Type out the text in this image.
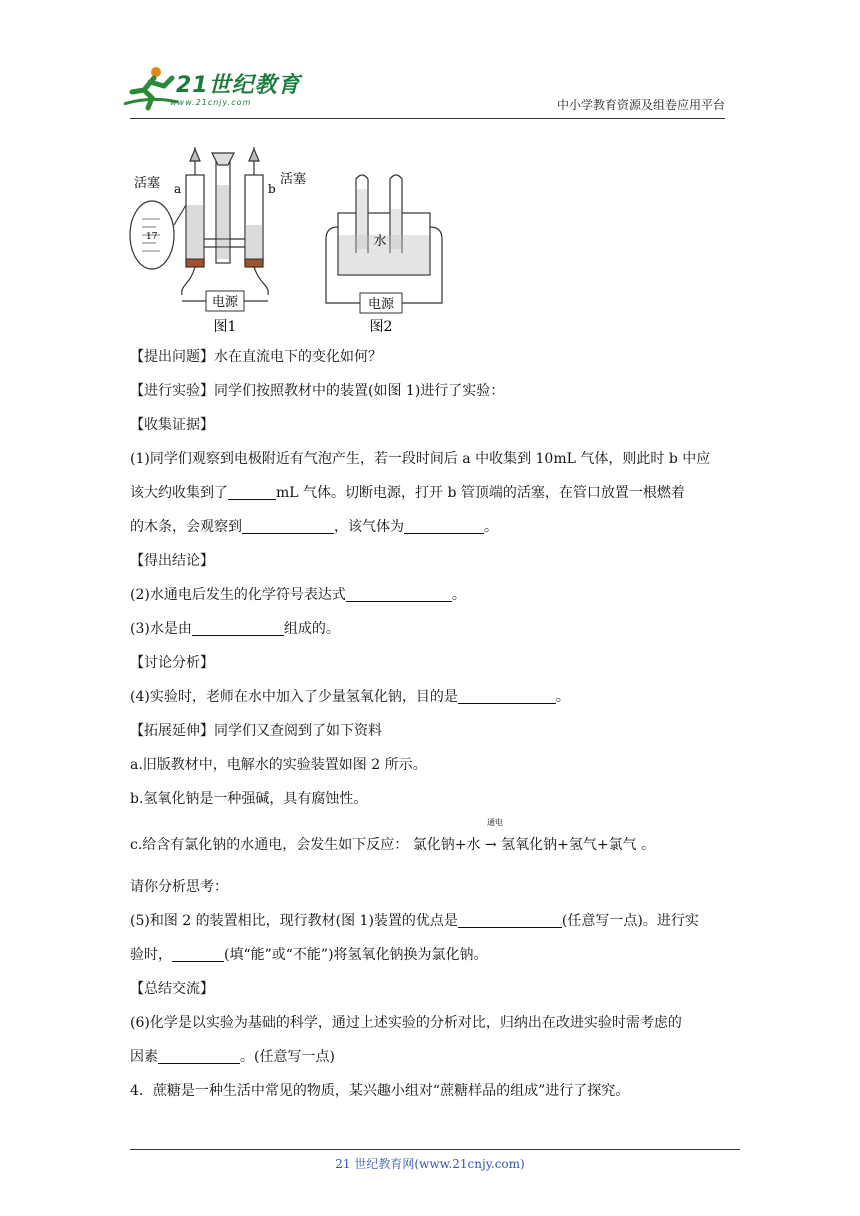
21世纪教育
www.21cnjy.com	中小学教育资源及组卷应用平台
电源
活塞	活塞
a	b
17
图1
电源
水
图2

【提出问题】水在直流电下的变化如何？

【进行实验】同学们按照教材中的装置(如图 1)进行了实验：

【收集证据】

(1)同学们观察到电极附近有气泡产生，若一段时间后 a 中收集到 10mL 气体，则此时 b 中应

该大约收集到了	mL 气体。切断电源，打开 b 管顶端的活塞，在管口放置一根燃着

的木条，会观察到	，该气体为	。

【得出结论】

(2)水通电后发生的化学符号表达式	。

(3)水是由	组成的。

【讨论分析】

(4)实验时，老师在水中加入了少量氢氧化钠，目的是	。

【拓展延伸】同学们又查阅到了如下资料

a.旧版教材中，电解水的实验装置如图 2 所示。

b.氢氧化钠是一种强碱，具有腐蚀性。

c.给含有氯化钠的水通电，会发生如下反应： 氯化钠+水
通电
→ 氢氧化钠+氢气+氯气 。

请你分析思考：

(5)和图 2 的装置相比，现行教材(图 1)装置的优点是	(任意写一点)。进行实

验时，	(填“能”或“不能”)将氢氧化钠换为氯化钠。

【总结交流】

(6)化学是以实验为基础的科学，通过上述实验的分析对比，归纳出在改进实验时需考虑的

因素	。(任意写一点)

4．蔗糖是一种生活中常见的物质，某兴趣小组对“蔗糖样品的组成”进行了探究。

21 世纪教育网(www.21cnjy.com)
